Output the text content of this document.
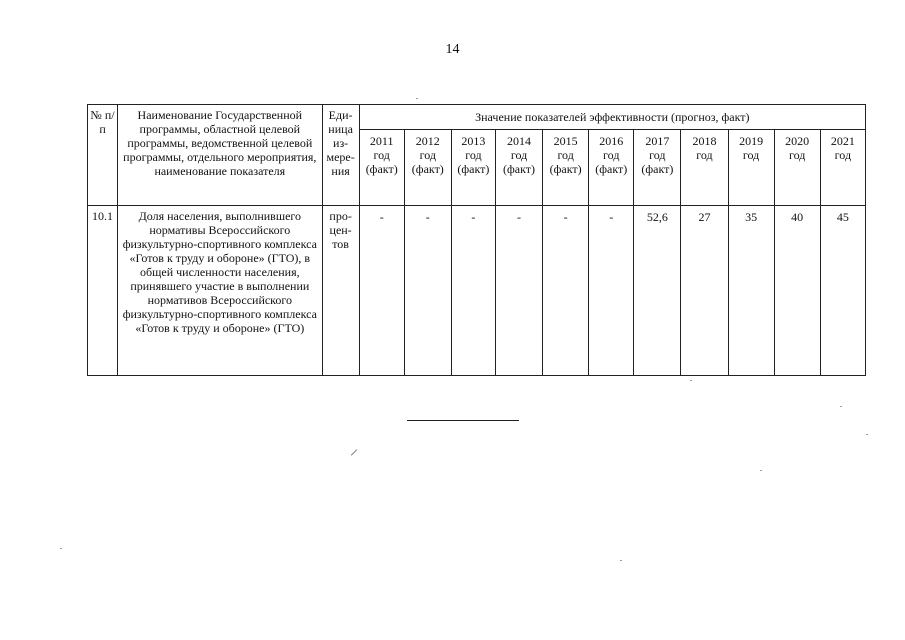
14
№ п/п	Наименование Государственной программы, областной целевой программы, ведомственной целевой программы, отдельного мероприятия, наименование показателя	Еди-ница из-мере-ния	Значение показателей эффективности (прогноз, факт)										

			2011
год
(факт)	2012
год
(факт)	2013
год
(факт)	2014
год
(факт)	2015
год
(факт)	2016
год
(факт)	2017
год
(факт)	2018
год	2019
год	2020
год	2021
год

10.1	Доля населения, выполнившего нормативы Всероссийского физкультурно-спортивного комплекса «Готов к труду и обороне» (ГТО), в общей численности населения, принявшего участие в выполнении нормативов Всероссийского физкультурно-спортивного комплекса «Готов к труду и обороне» (ГТО)	про-цен-тов	-	-	-	-	-	-	52,6	27	35	40	45
